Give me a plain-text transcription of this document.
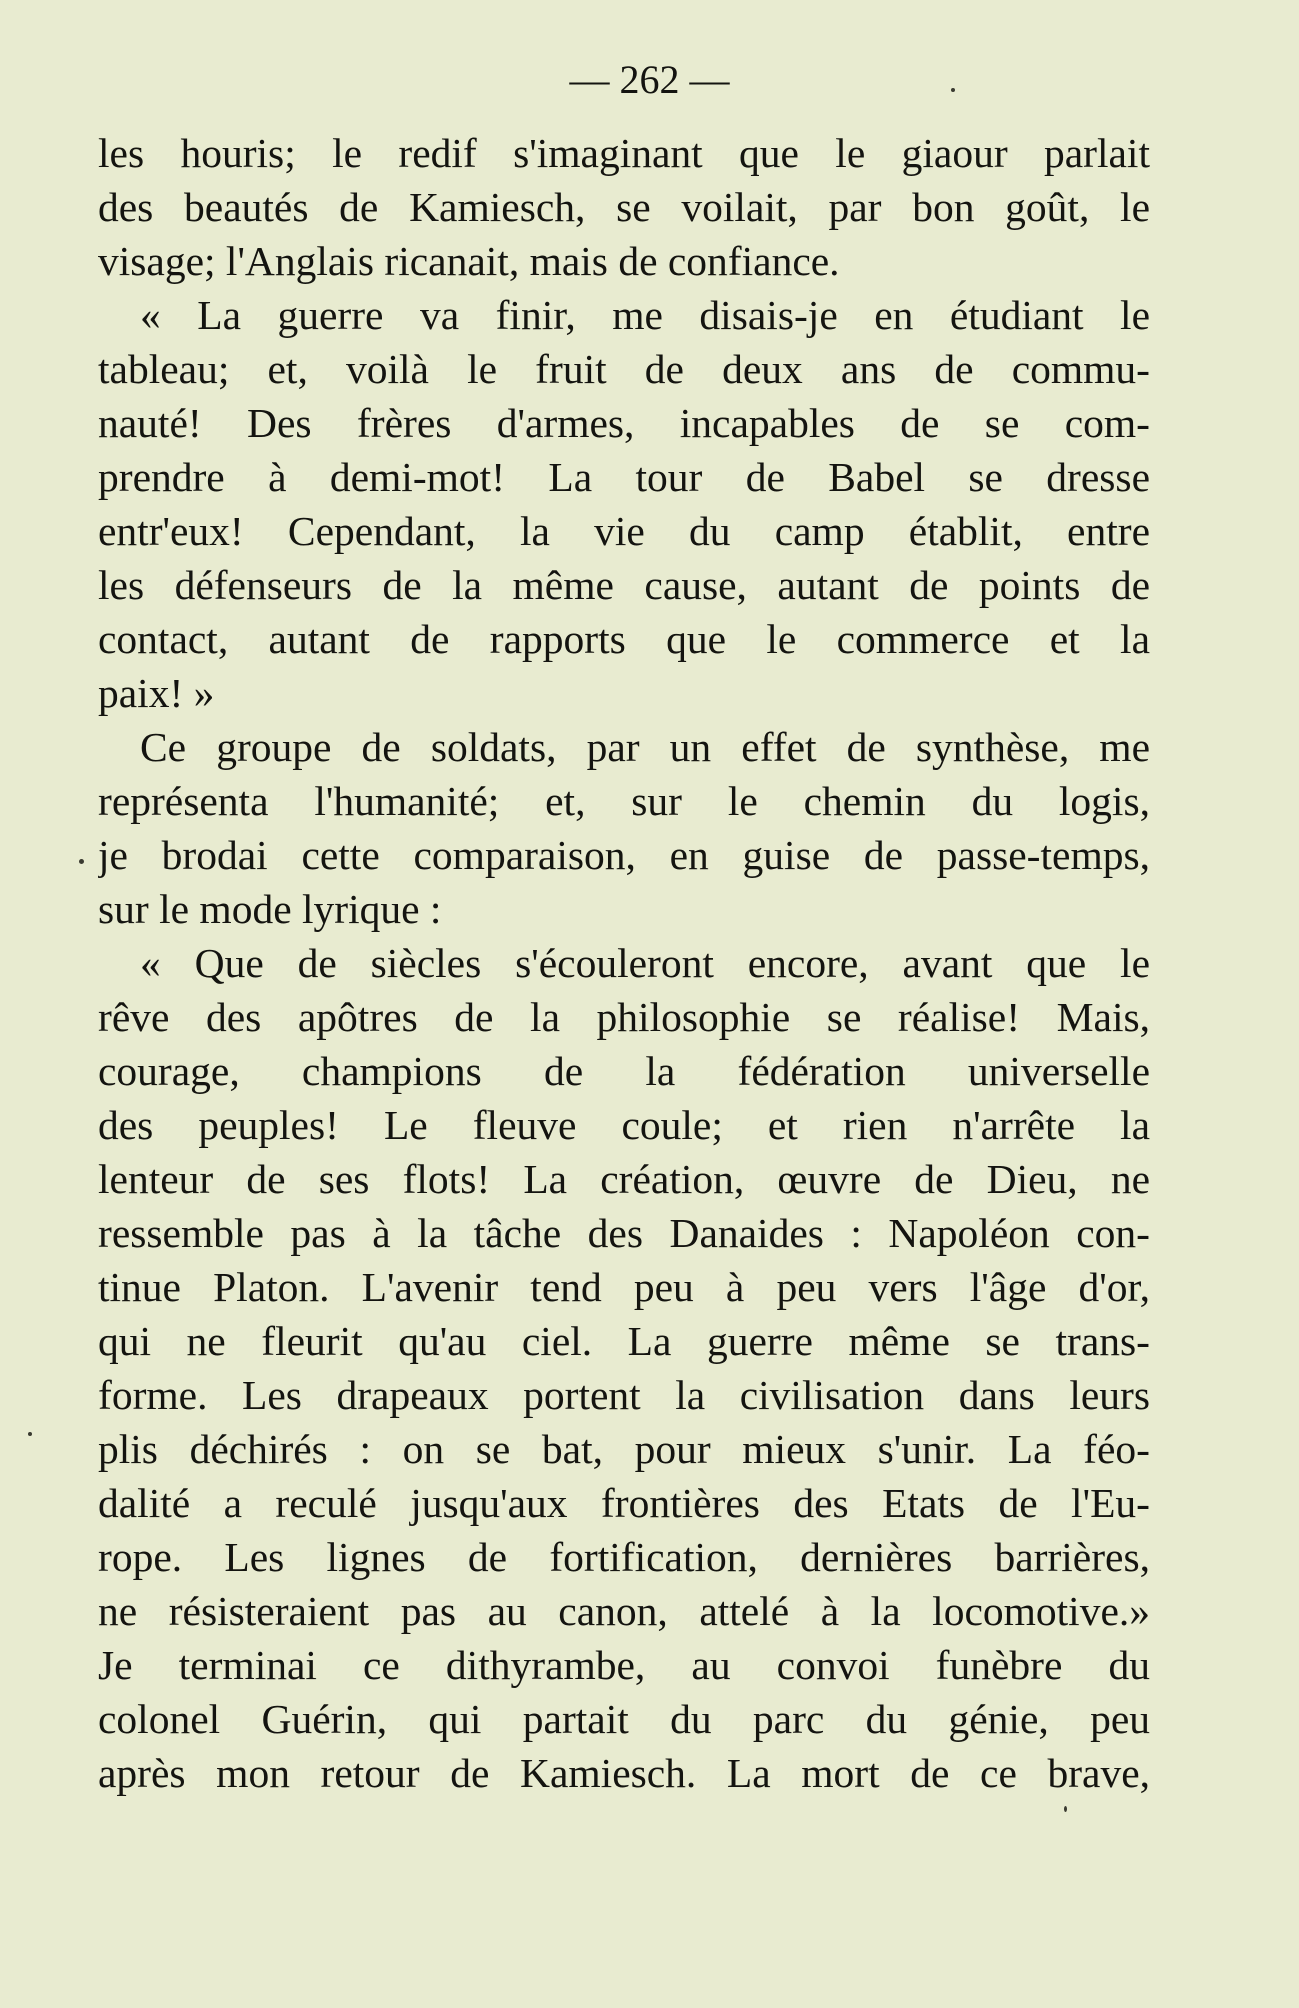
— 262 —
les houris; le redif s'imaginant que le giaour parlait
des beautés de Kamiesch, se voilait, par bon goût, le
visage; l'Anglais ricanait, mais de confiance.
« La guerre va finir, me disais-je en étudiant le
tableau; et, voilà le fruit de deux ans de commu-
nauté! Des frères d'armes, incapables de se com-
prendre à demi-mot! La tour de Babel se dresse
entr'eux! Cependant, la vie du camp établit, entre
les défenseurs de la même cause, autant de points de
contact, autant de rapports que le commerce et la
paix! »
Ce groupe de soldats, par un effet de synthèse, me
représenta l'humanité; et, sur le chemin du logis,
je brodai cette comparaison, en guise de passe-temps,
sur le mode lyrique :
« Que de siècles s'écouleront encore, avant que le
rêve des apôtres de la philosophie se réalise! Mais,
courage, champions de la fédération universelle
des peuples! Le fleuve coule; et rien n'arrête la
lenteur de ses flots! La création, œuvre de Dieu, ne
ressemble pas à la tâche des Danaides : Napoléon con-
tinue Platon. L'avenir tend peu à peu vers l'âge d'or,
qui ne fleurit qu'au ciel. La guerre même se trans-
forme. Les drapeaux portent la civilisation dans leurs
plis déchirés : on se bat, pour mieux s'unir. La féo-
dalité a reculé jusqu'aux frontières des Etats de l'Eu-
rope. Les lignes de fortification, dernières barrières,
ne résisteraient pas au canon, attelé à la locomotive.»
Je terminai ce dithyrambe, au convoi funèbre du
colonel Guérin, qui partait du parc du génie, peu
après mon retour de Kamiesch. La mort de ce brave,
